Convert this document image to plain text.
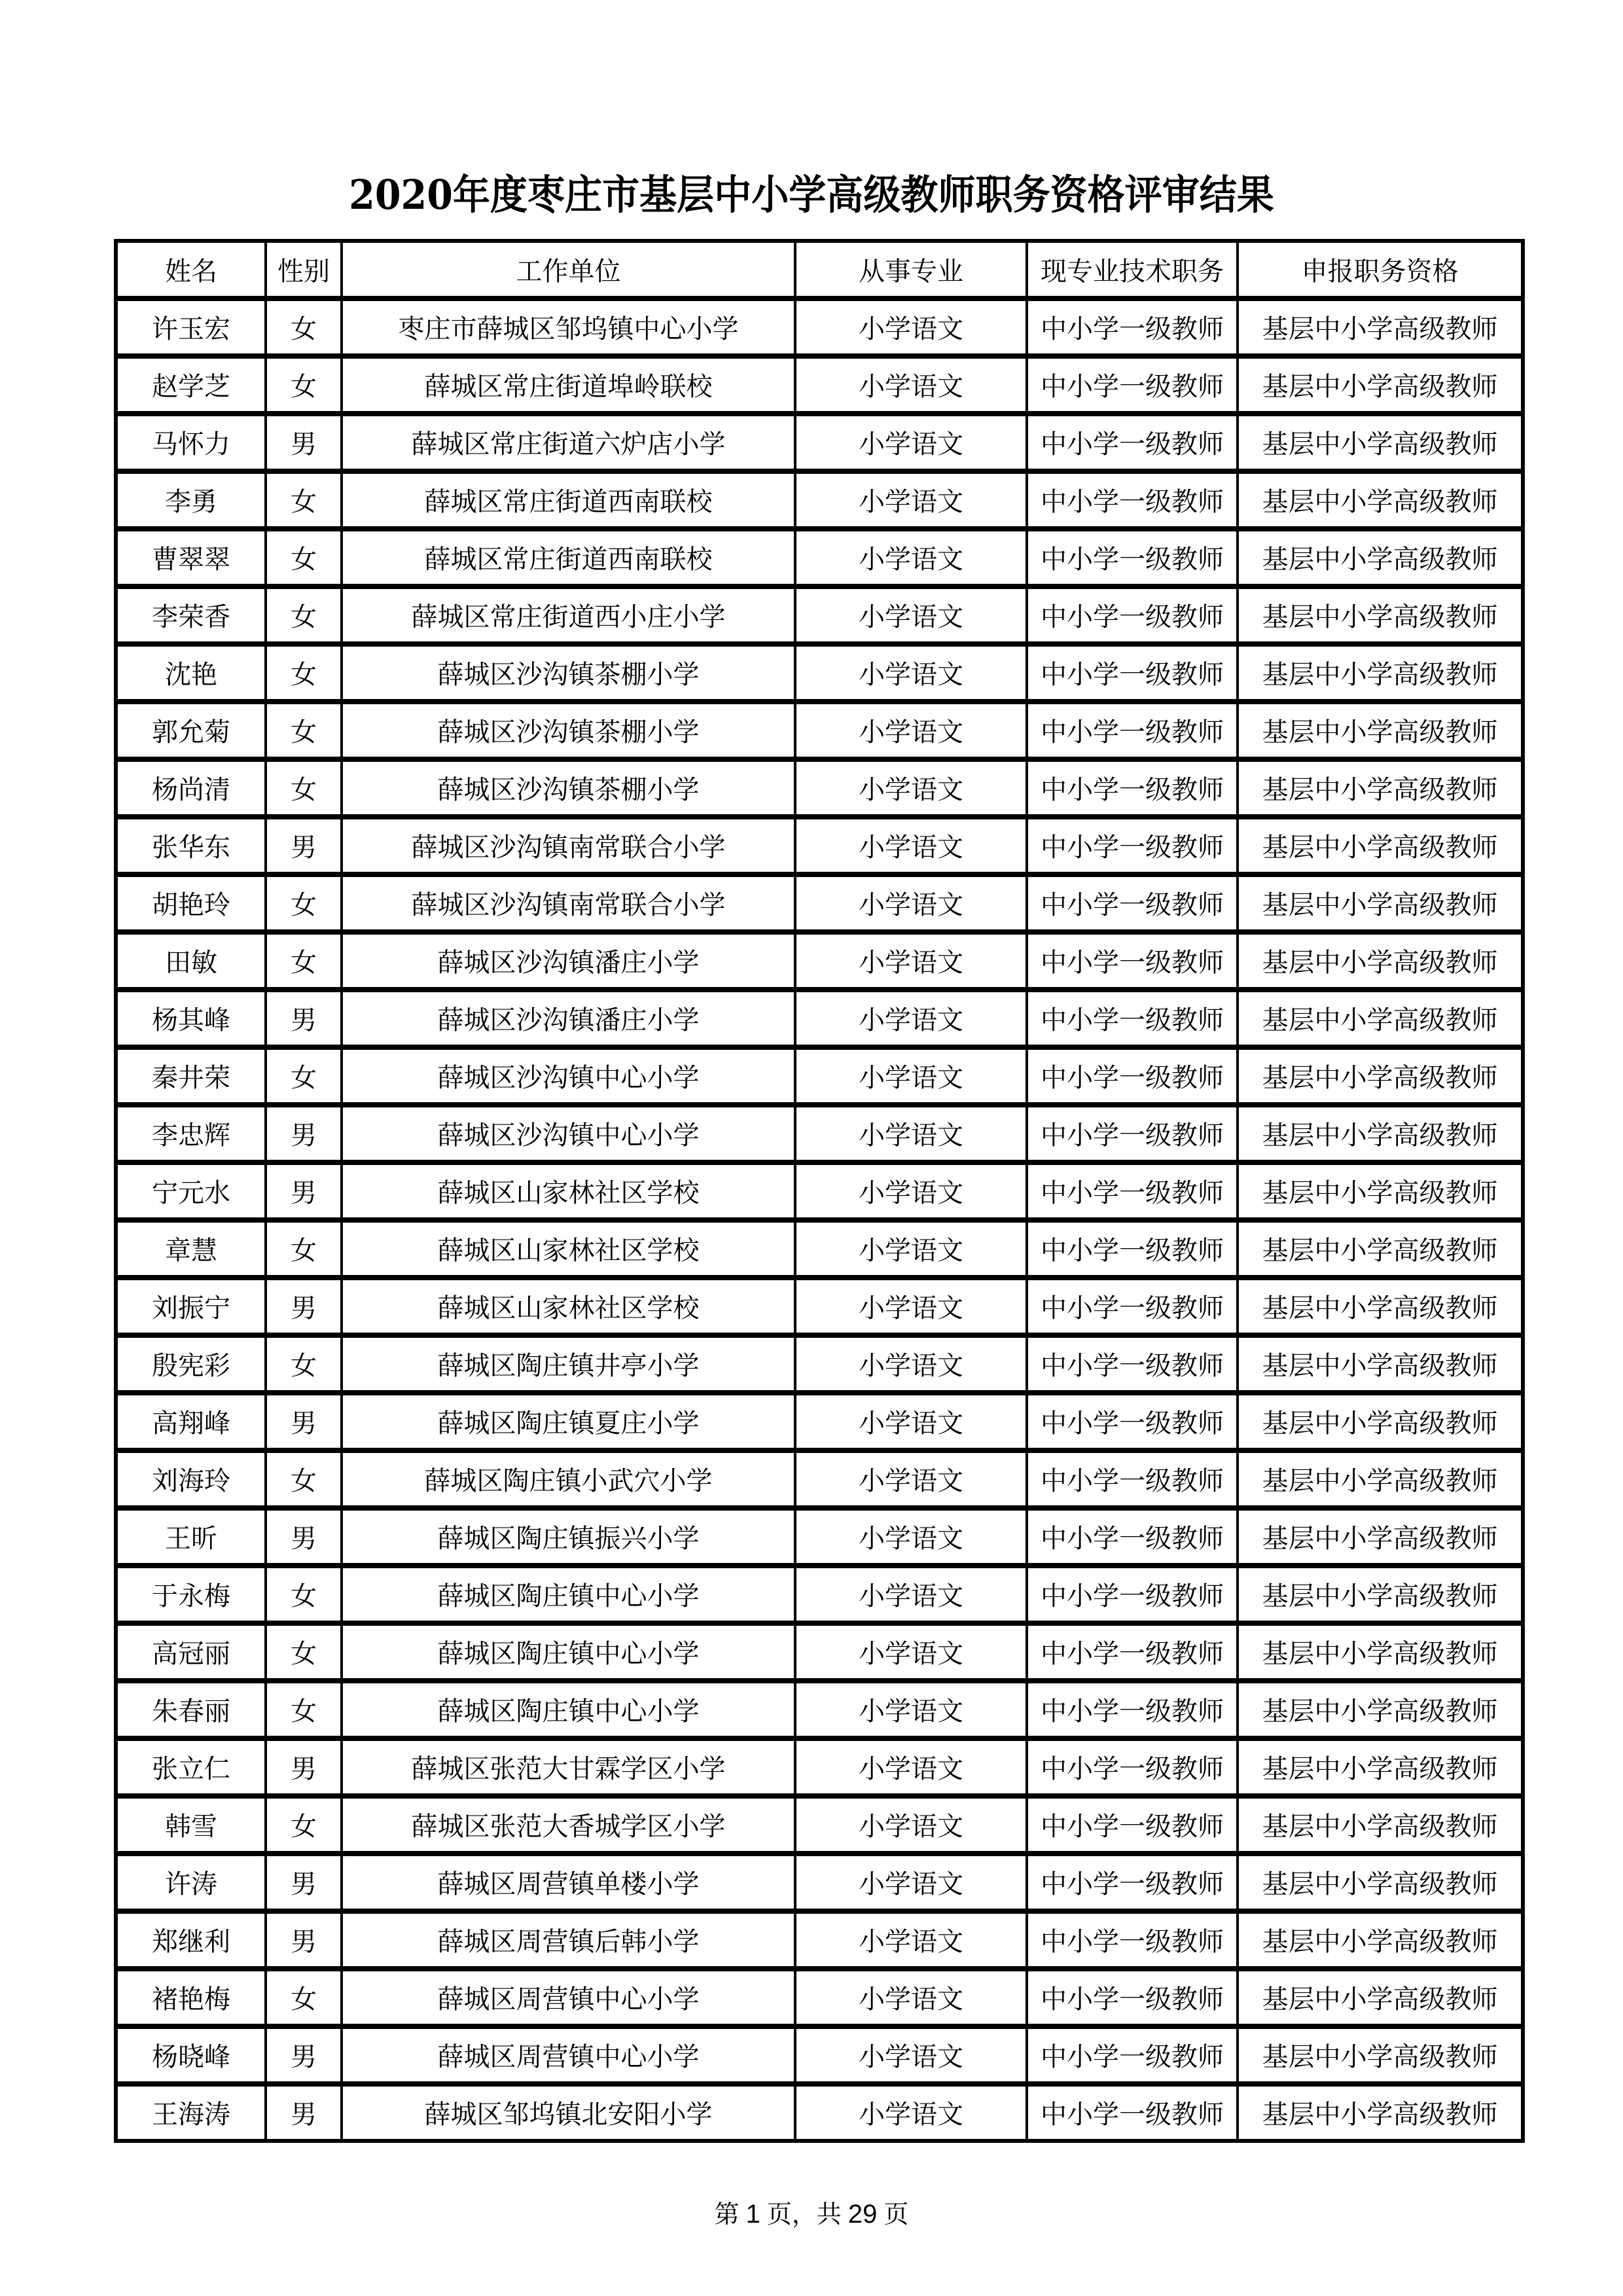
2020年度枣庄市基层中小学高级教师职务资格评审结果
姓名	性别	工作单位	从事专业	现专业技术职务	申报职务资格
许玉宏	女	枣庄市薛城区邹坞镇中心小学	小学语文	中小学一级教师	基层中小学高级教师
赵学芝	女	薛城区常庄街道埠岭联校	小学语文	中小学一级教师	基层中小学高级教师
马怀力	男	薛城区常庄街道六炉店小学	小学语文	中小学一级教师	基层中小学高级教师
李勇	女	薛城区常庄街道西南联校	小学语文	中小学一级教师	基层中小学高级教师
曹翠翠	女	薛城区常庄街道西南联校	小学语文	中小学一级教师	基层中小学高级教师
李荣香	女	薛城区常庄街道西小庄小学	小学语文	中小学一级教师	基层中小学高级教师
沈艳	女	薛城区沙沟镇茶棚小学	小学语文	中小学一级教师	基层中小学高级教师
郭允菊	女	薛城区沙沟镇茶棚小学	小学语文	中小学一级教师	基层中小学高级教师
杨尚清	女	薛城区沙沟镇茶棚小学	小学语文	中小学一级教师	基层中小学高级教师
张华东	男	薛城区沙沟镇南常联合小学	小学语文	中小学一级教师	基层中小学高级教师
胡艳玲	女	薛城区沙沟镇南常联合小学	小学语文	中小学一级教师	基层中小学高级教师
田敏	女	薛城区沙沟镇潘庄小学	小学语文	中小学一级教师	基层中小学高级教师
杨其峰	男	薛城区沙沟镇潘庄小学	小学语文	中小学一级教师	基层中小学高级教师
秦井荣	女	薛城区沙沟镇中心小学	小学语文	中小学一级教师	基层中小学高级教师
李忠辉	男	薛城区沙沟镇中心小学	小学语文	中小学一级教师	基层中小学高级教师
宁元水	男	薛城区山家林社区学校	小学语文	中小学一级教师	基层中小学高级教师
章慧	女	薛城区山家林社区学校	小学语文	中小学一级教师	基层中小学高级教师
刘振宁	男	薛城区山家林社区学校	小学语文	中小学一级教师	基层中小学高级教师
殷宪彩	女	薛城区陶庄镇井亭小学	小学语文	中小学一级教师	基层中小学高级教师
高翔峰	男	薛城区陶庄镇夏庄小学	小学语文	中小学一级教师	基层中小学高级教师
刘海玲	女	薛城区陶庄镇小武穴小学	小学语文	中小学一级教师	基层中小学高级教师
王昕	男	薛城区陶庄镇振兴小学	小学语文	中小学一级教师	基层中小学高级教师
于永梅	女	薛城区陶庄镇中心小学	小学语文	中小学一级教师	基层中小学高级教师
高冠丽	女	薛城区陶庄镇中心小学	小学语文	中小学一级教师	基层中小学高级教师
朱春丽	女	薛城区陶庄镇中心小学	小学语文	中小学一级教师	基层中小学高级教师
张立仁	男	薛城区张范大甘霖学区小学	小学语文	中小学一级教师	基层中小学高级教师
韩雪	女	薛城区张范大香城学区小学	小学语文	中小学一级教师	基层中小学高级教师
许涛	男	薛城区周营镇单楼小学	小学语文	中小学一级教师	基层中小学高级教师
郑继利	男	薛城区周营镇后韩小学	小学语文	中小学一级教师	基层中小学高级教师
褚艳梅	女	薛城区周营镇中心小学	小学语文	中小学一级教师	基层中小学高级教师
杨晓峰	男	薛城区周营镇中心小学	小学语文	中小学一级教师	基层中小学高级教师
王海涛	男	薛城区邹坞镇北安阳小学	小学语文	中小学一级教师	基层中小学高级教师
第 1 页，共 29 页
